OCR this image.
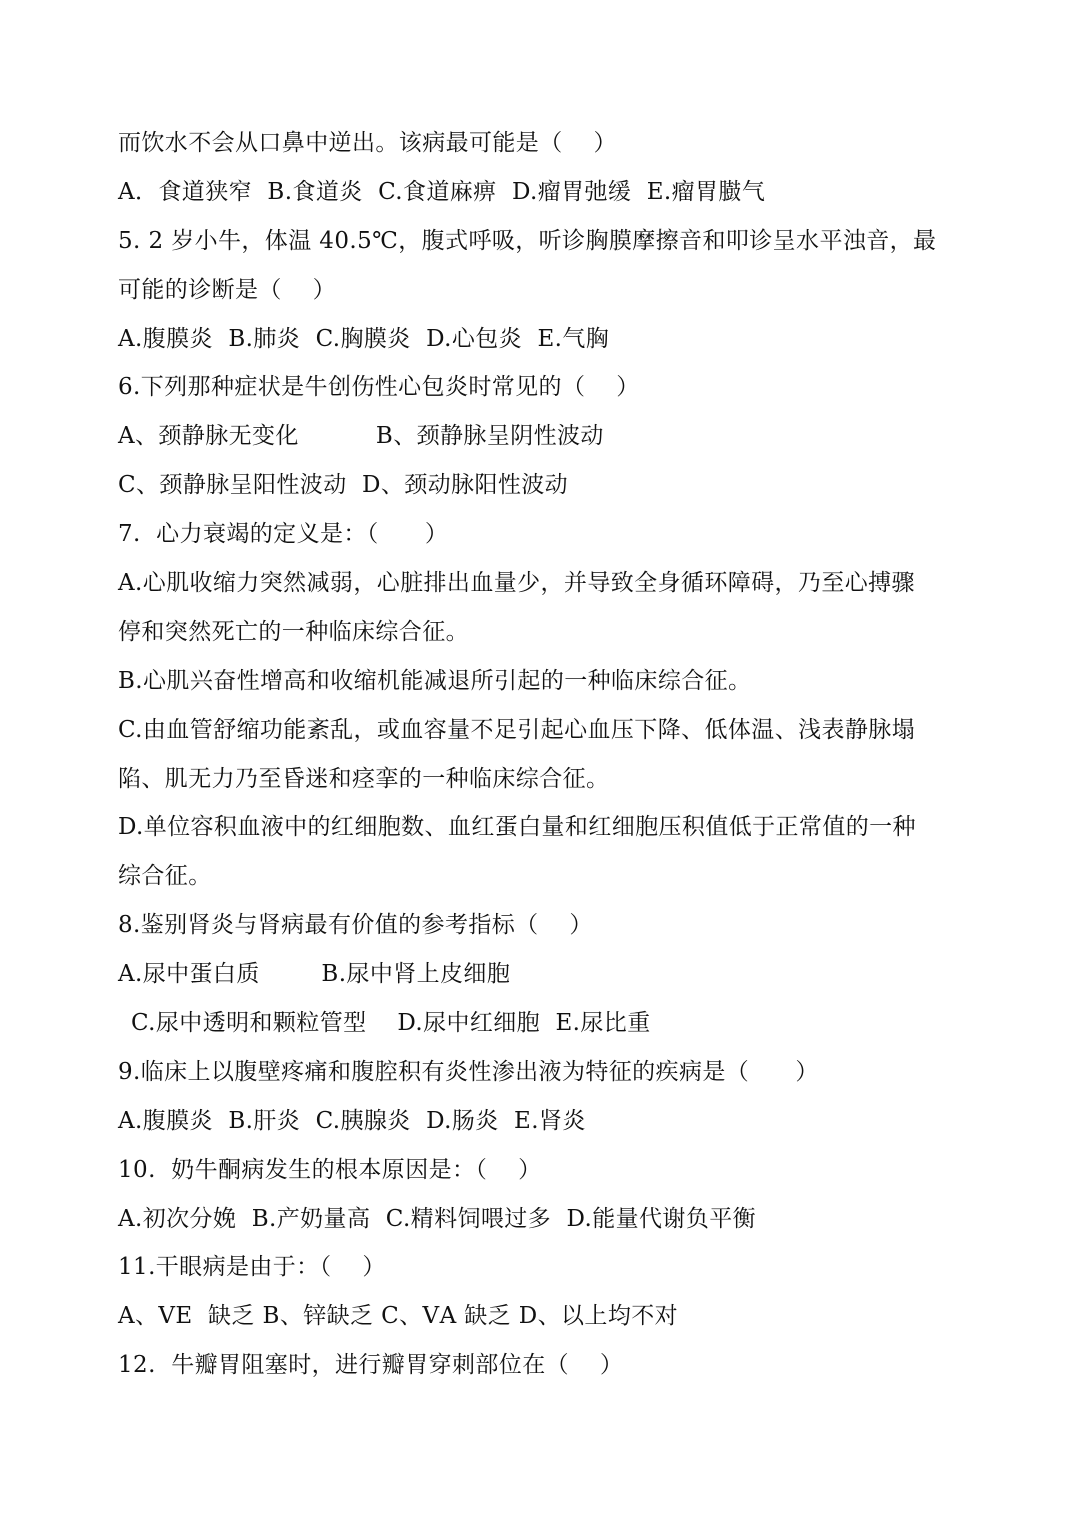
而饮水不会从口鼻中逆出。该病最可能是（    ）
A．食道狭窄  B.食道炎  C.食道麻痹  D.瘤胃弛缓  E.瘤胃臌气
5. 2 岁小牛，体温 40.5℃，腹式呼吸，听诊胸膜摩擦音和叩诊呈水平浊音，最
可能的诊断是（    ）
A.腹膜炎  B.肺炎  C.胸膜炎  D.心包炎  E.气胸
6.下列那种症状是牛创伤性心包炎时常见的（    ）
A、颈静脉无变化          B、颈静脉呈阴性波动
C、颈静脉呈阳性波动  D、颈动脉阳性波动
7.  心力衰竭的定义是：（      ）
A.心肌收缩力突然减弱，心脏排出血量少，并导致全身循环障碍，乃至心搏骤
停和突然死亡的一种临床综合征。
B.心肌兴奋性增高和收缩机能减退所引起的一种临床综合征。
C.由血管舒缩功能紊乱，或血容量不足引起心血压下降、低体温、浅表静脉塌
陷、肌无力乃至昏迷和痉挛的一种临床综合征。
D.单位容积血液中的红细胞数、血红蛋白量和红细胞压积值低于正常值的一种
综合征。
8.鉴别肾炎与肾病最有价值的参考指标（    ）
A.尿中蛋白质        B.尿中肾上皮细胞
C.尿中透明和颗粒管型    D.尿中红细胞  E.尿比重
9.临床上以腹壁疼痛和腹腔积有炎性渗出液为特征的疾病是（      ）
A.腹膜炎  B.肝炎  C.胰腺炎  D.肠炎  E.肾炎
10.  奶牛酮病发生的根本原因是：（    ）
A.初次分娩  B.产奶量高  C.精料饲喂过多  D.能量代谢负平衡
11.干眼病是由于：（    ）
A、ⅤE  缺乏 B、锌缺乏 C、ⅤA 缺乏 D、以上均不对
12.  牛瓣胃阻塞时，进行瓣胃穿刺部位在（    ）
